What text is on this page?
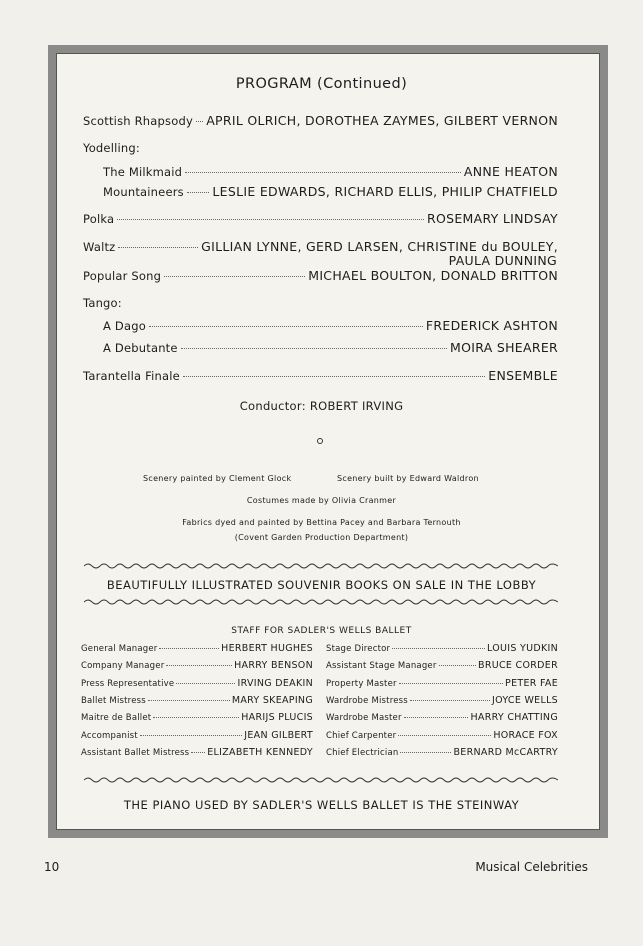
PROGRAM (Continued)
Scottish Rhapsody APRIL OLRICH, DOROTHEA ZAYMES, GILBERT VERNON
Yodelling:
The Milkmaid	ANNE HEATON
Mountaineers LESLIE EDWARDS, RICHARD ELLIS, PHILIP CHATFIELD
Polka	ROSEMARY LINDSAY
Waltz	GILLIAN LYNNE, GERD LARSEN, CHRISTINE du BOULEY,
PAULA DUNNING
Popular Song	MICHAEL BOULTON, DONALD BRITTON
Tango:
A Dago	FREDERICK ASHTON
A Debutante	MOIRA SHEARER
Tarantella Finale	ENSEMBLE
Conductor: ROBERT IRVING
Scenery painted by Clement Glock	Scenery built by Edward Waldron
Costumes made by Olivia Cranmer
Fabrics dyed and painted by Bettina Pacey and Barbara Ternouth
(Covent Garden Production Department)
BEAUTIFULLY ILLUSTRATED SOUVENIR BOOKS ON SALE IN THE LOBBY
STAFF FOR SADLER'S WELLS BALLET
THE PIANO USED BY SADLER'S WELLS BALLET IS THE STEINWAY
10	Musical Celebrities
General Manager	HERBERT HUGHES
Company Manager	HARRY BENSON
Press Representative	IRVING DEAKIN
Ballet Mistress	MARY SKEAPING
Maitre de Ballet	HARIJS PLUCIS
Accompanist	JEAN GILBERT
Assistant Ballet Mistress ELIZABETH KENNEDY
Stage Director	LOUIS YUDKIN
Assistant Stage Manager	BRUCE CORDER
Property Master	PETER FAE
Wardrobe Mistress	JOYCE WELLS
Wardrobe Master	HARRY CHATTING
Chief Carpenter	HORACE FOX
Chief Electrician	BERNARD McCARTRY
